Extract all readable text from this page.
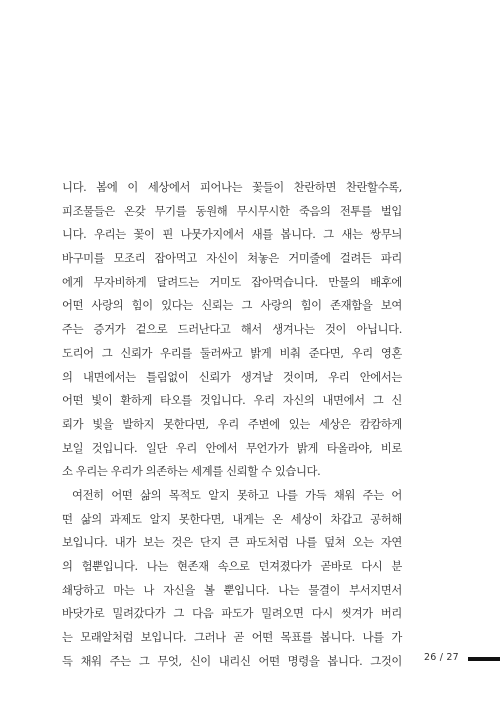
니다. 봄에 이 세상에서 피어나는 꽃들이 찬란하면 찬란할수록,
피조물들은 온갖 무기를 동원해 무시무시한 죽음의 전투를 벌입
니다. 우리는 꽃이 핀 나뭇가지에서 새를 봅니다. 그 새는 쌍무늬
바구미를 모조리 잡아먹고 자신이 쳐놓은 거미줄에 걸려든 파리
에게 무자비하게 달려드는 거미도 잡아먹습니다. 만물의 배후에
어떤 사랑의 힘이 있다는 신뢰는 그 사랑의 힘이 존재함을 보여
주는 증거가 겉으로 드러난다고 해서 생겨나는 것이 아닙니다.
도리어 그 신뢰가 우리를 둘러싸고 밝게 비춰 준다면, 우리 영혼
의 내면에서는 틀림없이 신뢰가 생겨날 것이며, 우리 안에서는
어떤 빛이 환하게 타오를 것입니다. 우리 자신의 내면에서 그 신
뢰가 빛을 발하지 못한다면, 우리 주변에 있는 세상은 캄캄하게
보일 것입니다. 일단 우리 안에서 무언가가 밝게 타올라야, 비로
소 우리는 우리가 의존하는 세계를 신뢰할 수 있습니다.
여전히 어떤 삶의 목적도 알지 못하고 나를 가득 채워 주는 어
떤 삶의 과제도 알지 못한다면, 내게는 온 세상이 차갑고 공허해
보입니다. 내가 보는 것은 단지 큰 파도처럼 나를 덮쳐 오는 자연
의 험뿐입니다. 나는 현존재 속으로 던져졌다가 곧바로 다시 분
쇄당하고 마는 나 자신을 볼 뿐입니다. 나는 물결이 부서지면서
바닷가로 밀려갔다가 그 다음 파도가 밀려오면 다시 씻겨가 버리
는 모래알처럼 보입니다. 그러나 곧 어떤 목표를 봅니다. 나를 가
득 채워 주는 그 무엇, 신이 내리신 어떤 명령을 봅니다. 그것이 26 / 27
